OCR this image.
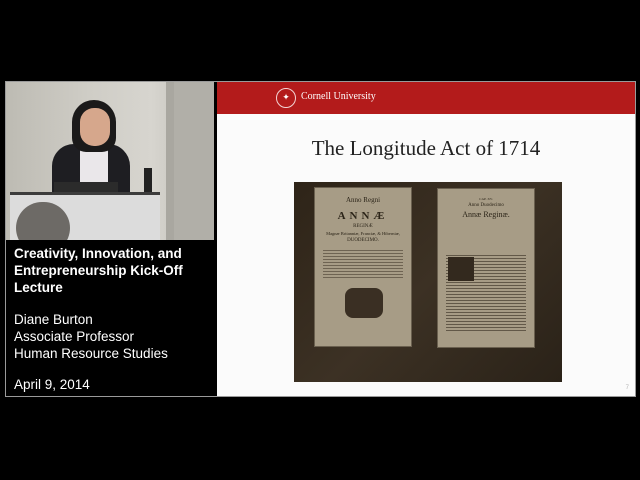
Creativity, Innovation, and Entrepreneurship Kick-Off Lecture
Diane Burton
Associate Professor
Human Resource Studies
April 9, 2014
✦	Cornell University
The Longitude Act of 1714
Anno Regni
ANNÆ
REGINÆ
Magnæ Britanniæ, Franciæ, & Hiberniæ,
DUODECIMO.
CAP. XV.
Anno Duodecimo
Annæ Reginæ.
7
